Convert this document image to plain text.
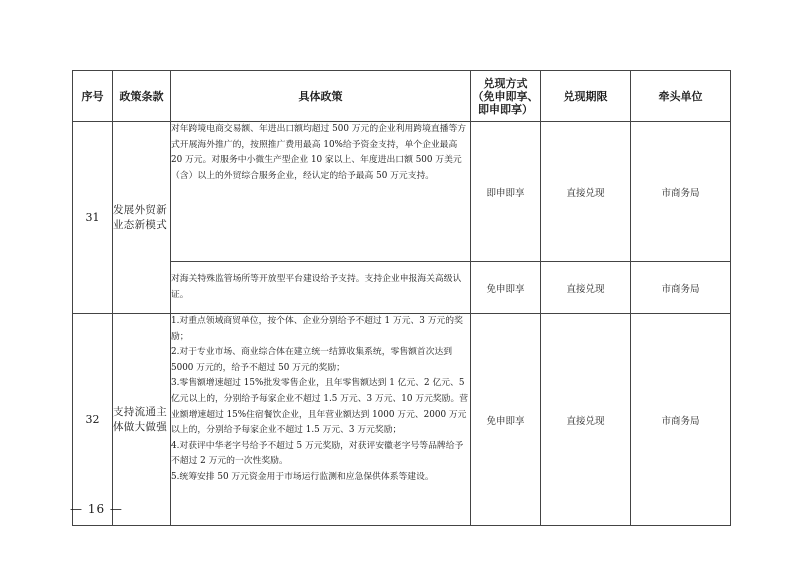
序号	政策条款	具体政策	兑现方式
（免申即享、
即申即享）	兑现期限	牵头单位
31	发展外贸新业态新模式	对年跨境电商交易额、年进出口额均超过 500 万元的企业利用跨境直播等方式开展海外推广的，按照推广费用最高 10%给予资金支持，单个企业最高 20 万元。对服务中小微生产型企业 10 家以上、年度进出口额 500 万美元（含）以上的外贸综合服务企业，经认定的给予最高 50 万元支持。	即申即享	直接兑现	市商务局
		对海关特殊监管场所等开放型平台建设给予支持。支持企业申报海关高级认证。	免申即享	直接兑现	市商务局
32	支持流通主体做大做强	1.对重点领域商贸单位，按个体、企业分别给予不超过 1 万元、3 万元的奖励；
2.对于专业市场、商业综合体在建立统一结算收集系统，零售额首次达到 5000 万元的，给予不超过 50 万元的奖励；
3.零售额增速超过 15%批发零售企业，且年零售额达到 1 亿元、2 亿元、5 亿元以上的，分别给予每家企业不超过 1.5 万元、3 万元、10 万元奖励。营业额增速超过 15%住宿餐饮企业，且年营业额达到 1000 万元、2000 万元以上的，分别给予每家企业不超过 1.5 万元、3 万元奖励；
4.对获评中华老字号给予不超过 5 万元奖励，对获评安徽老字号等品牌给予不超过 2 万元的一次性奖励。
5.统筹安排 50 万元资金用于市场运行监测和应急保供体系等建设。	免申即享	直接兑现	市商务局
— 16 —
